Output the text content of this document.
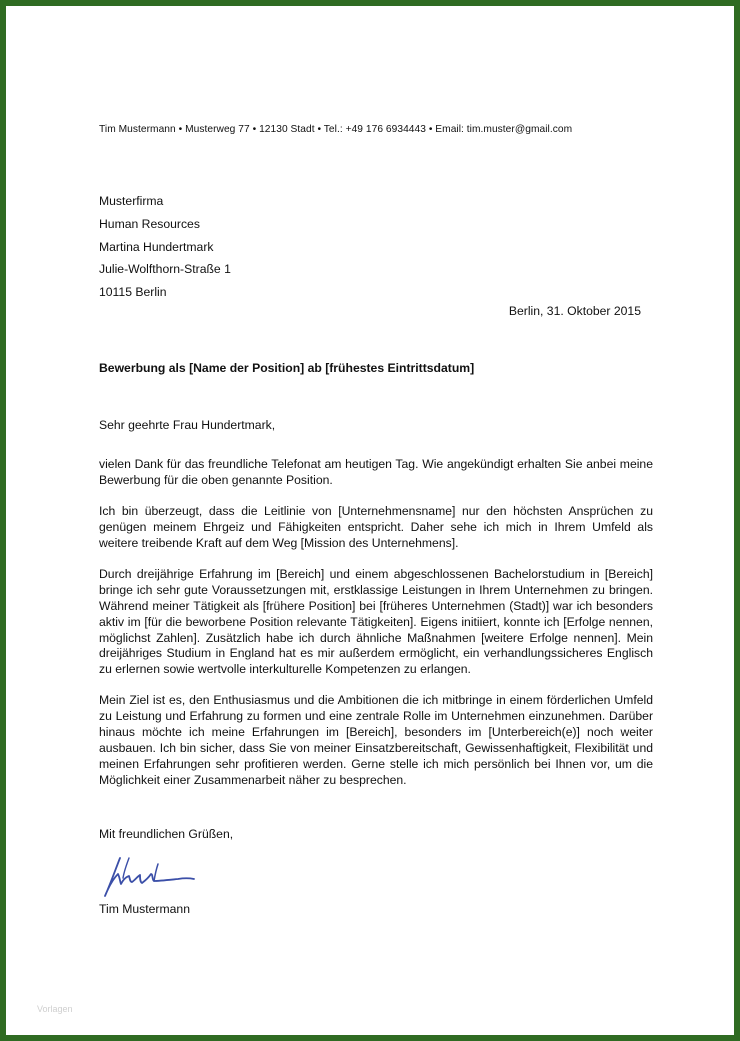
Tim Mustermann • Musterweg 77 • 12130 Stadt • Tel.: +49 176 6934443 • Email: tim.muster@gmail.com
Musterfirma
Human Resources
Martina Hundertmark
Julie-Wolfthorn-Straße 1
10115 Berlin
Berlin, 31. Oktober 2015
Bewerbung als [Name der Position] ab [frühestes Eintrittsdatum]
Sehr geehrte Frau Hundertmark,

vielen Dank für das freundliche Telefonat am heutigen Tag. Wie angekündigt erhalten Sie anbei meine Bewerbung für die oben genannte Position.

Ich bin überzeugt, dass die Leitlinie von [Unternehmensname] nur den höchsten Ansprüchen zu genügen meinem Ehrgeiz und Fähigkeiten entspricht. Daher sehe ich mich in Ihrem Umfeld als weitere treibende Kraft auf dem Weg [Mission des Unternehmens].

Durch dreijährige Erfahrung im [Bereich] und einem abgeschlossenen Bachelorstudium in [Bereich] bringe ich sehr gute Voraussetzungen mit, erstklassige Leistungen in Ihrem Unternehmen zu bringen. Während meiner Tätigkeit als [frühere Position] bei [früheres Unternehmen (Stadt)] war ich besonders aktiv im [für die beworbene Position relevante Tätigkeiten]. Eigens initiiert, konnte ich [Erfolge nennen, möglichst Zahlen]. Zusätzlich habe ich durch ähnliche Maßnahmen [weitere Erfolge nennen]. Mein dreijähriges Studium in England hat es mir außerdem ermöglicht, ein verhandlungssicheres Englisch zu erlernen sowie wertvolle interkulturelle Kompetenzen zu erlangen.

Mein Ziel ist es, den Enthusiasmus und die Ambitionen die ich mitbringe in einem förderlichen Umfeld zu Leistung und Erfahrung zu formen und eine zentrale Rolle im Unternehmen einzunehmen. Darüber hinaus möchte ich meine Erfahrungen im [Bereich], besonders im [Unterbereich(e)] noch weiter ausbauen. Ich bin sicher, dass Sie von meiner Einsatzbereitschaft, Gewissenhaftigkeit, Flexibilität und meinen Erfahrungen sehr profitieren werden. Gerne stelle ich mich persönlich bei Ihnen vor, um die Möglichkeit einer Zusammenarbeit näher zu besprechen.

Mit freundlichen Grüßen,
Tim Mustermann
Vorlagen
